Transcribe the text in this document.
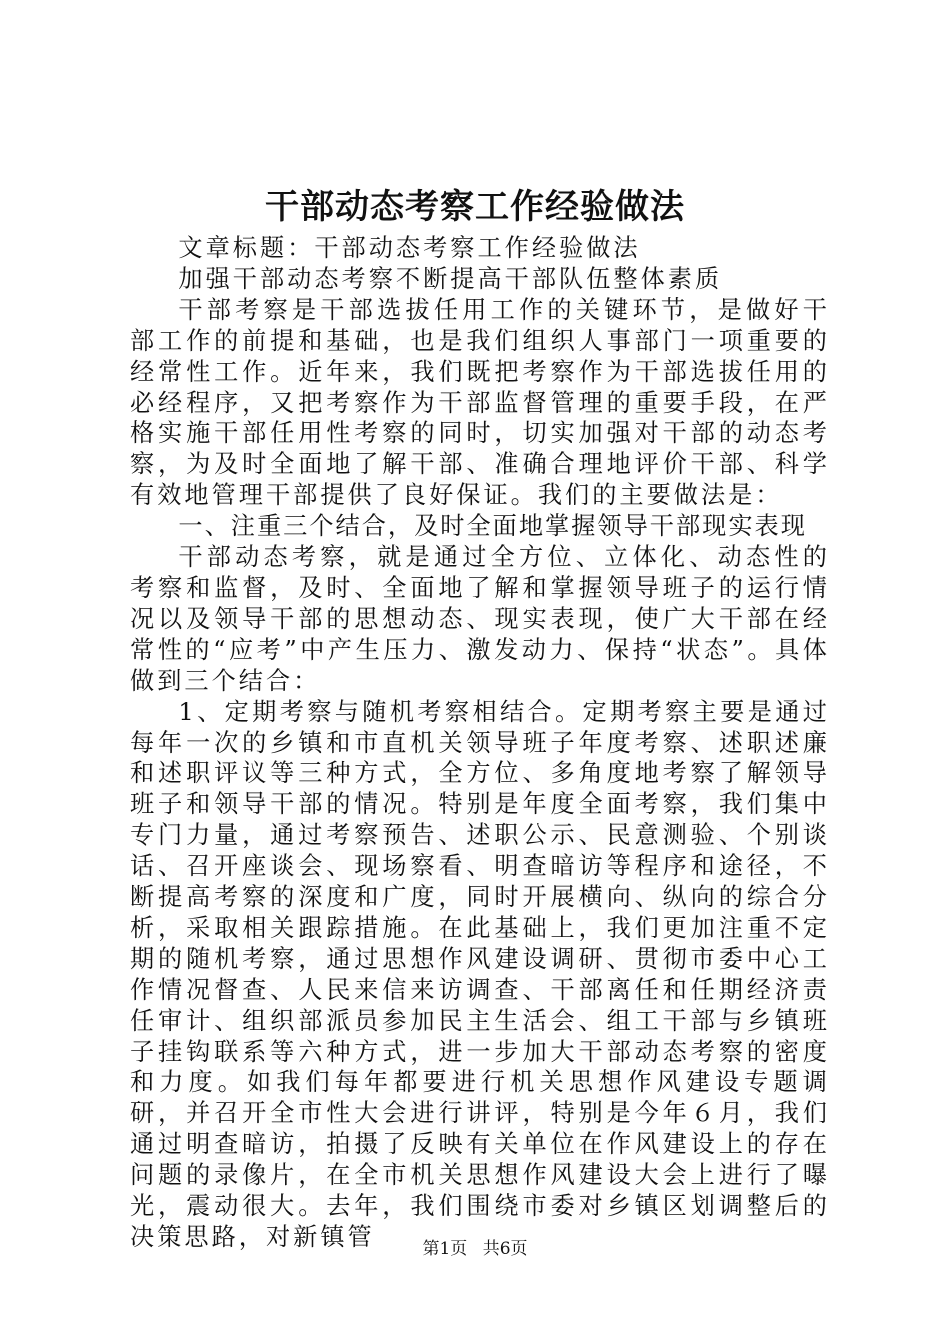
干部动态考察工作经验做法

文章标题：干部动态考察工作经验做法

加强干部动态考察不断提高干部队伍整体素质

干部考察是干部选拔任用工作的关键环节，是做好干部工作的前提和基础，也是我们组织人事部门一项重要的经常性工作。近年来，我们既把考察作为干部选拔任用的必经程序，又把考察作为干部监督管理的重要手段，在严格实施干部任用性考察的同时，切实加强对干部的动态考察，为及时全面地了解干部、准确合理地评价干部、科学有效地管理干部提供了良好保证。我们的主要做法是：

一、注重三个结合，及时全面地掌握领导干部现实表现

干部动态考察，就是通过全方位、立体化、动态性的考察和监督，及时、全面地了解和掌握领导班子的运行情况以及领导干部的思想动态、现实表现，使广大干部在经常性的“应考”中产生压力、激发动力、保持“状态”。具体做到三个结合：

1、定期考察与随机考察相结合。定期考察主要是通过每年一次的乡镇和市直机关领导班子年度考察、述职述廉和述职评议等三种方式，全方位、多角度地考察了解领导班子和领导干部的情况。特别是年度全面考察，我们集中专门力量，通过考察预告、述职公示、民意测验、个别谈话、召开座谈会、现场察看、明查暗访等程序和途径，不断提高考察的深度和广度，同时开展横向、纵向的综合分析，采取相关跟踪措施。在此基础上，我们更加注重不定期的随机考察，通过思想作风建设调研、贯彻市委中心工作情况督查、人民来信来访调查、干部离任和任期经济责任审计、组织部派员参加民主生活会、组工干部与乡镇班子挂钩联系等六种方式，进一步加大干部动态考察的密度和力度。如我们每年都要进行机关思想作风建设专题调研，并召开全市性大会进行讲评，特别是今年６月，我们通过明查暗访，拍摄了反映有关单位在作风建设上的存在问题的录像片，在全市机关思想作风建设大会上进行了曝光，震动很大。去年，我们围绕市委对乡镇区划调整后的决策思路，对新镇管	第1页 共6页
